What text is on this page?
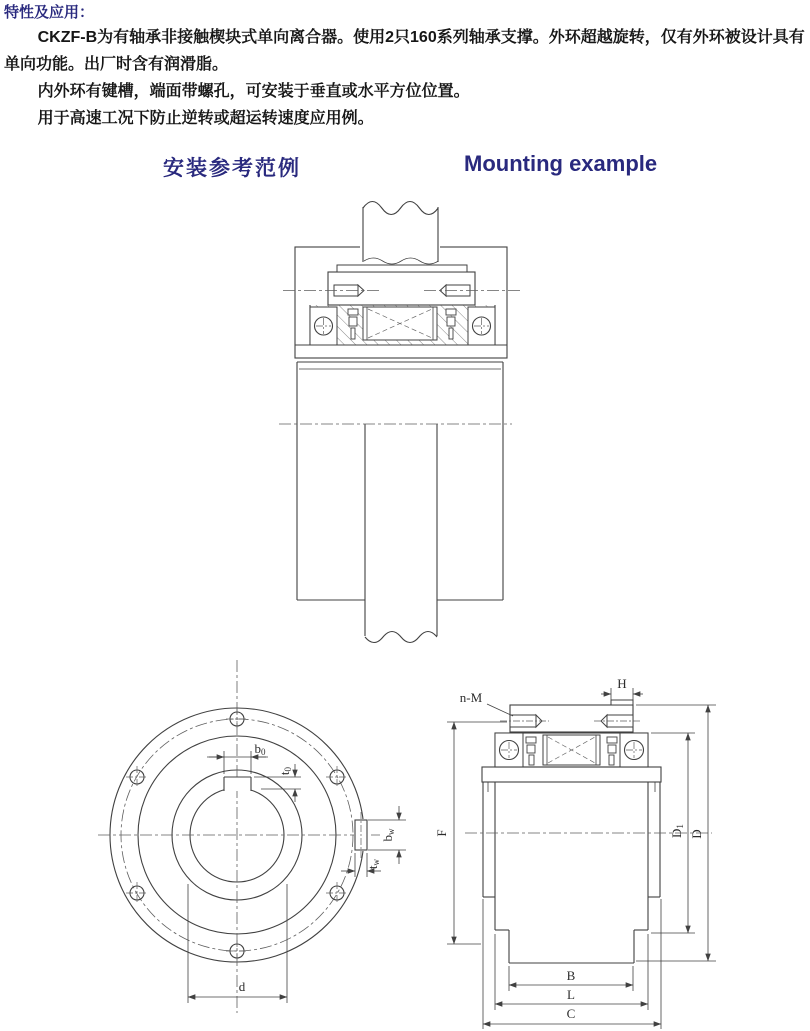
特性及应用：

CKZF-B为有轴承非接触楔块式单向离合器。使用2只160系列轴承支撑。外环超越旋转，仅有外环被设计具有单向功能。出厂时含有润滑脂。

内外环有键槽，端面带螺孔，可安装于垂直或水平方位位置。

用于高速工况下防止逆转或超运转速度应用例。

安装参考范例	Mounting example
b0
t0
bw
tw
d
n-M
H
F	D1
D
B
L
C
